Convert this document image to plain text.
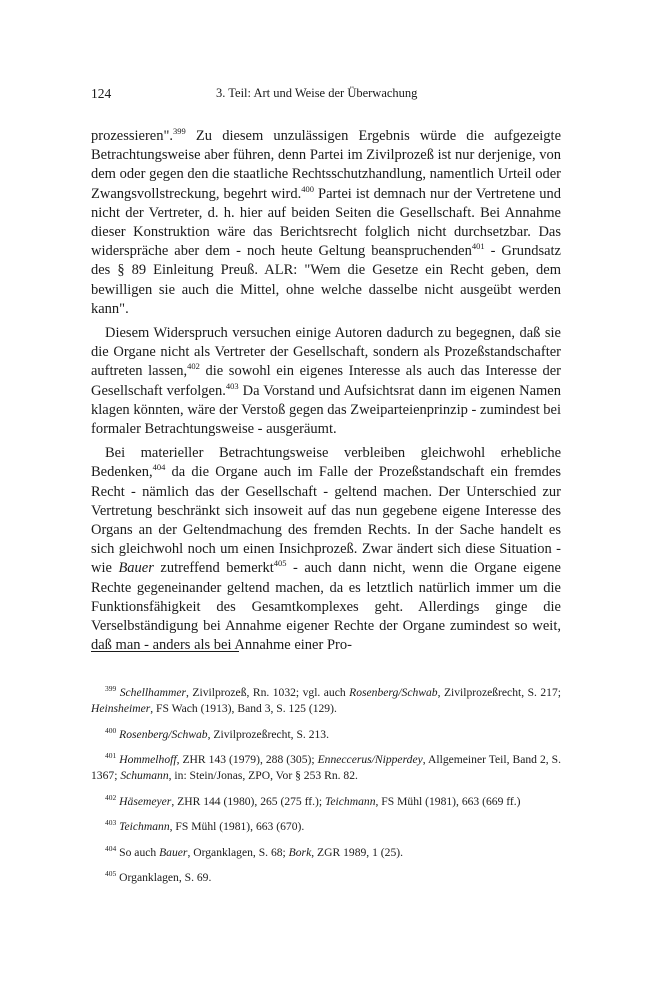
124	3. Teil: Art und Weise der Überwachung

prozessieren".$^{399}$ Zu diesem unzulässigen Ergebnis würde die aufgezeigte Betrachtungsweise aber führen, denn Partei im Zivilprozeß ist nur derjenige, von dem oder gegen den die staatliche Rechtsschutzhandlung, namentlich Urteil oder Zwangsvollstreckung, begehrt wird.$^{400}$ Partei ist demnach nur der Vertretene und nicht der Vertreter, d. h. hier auf beiden Seiten die Gesellschaft. Bei Annahme dieser Konstruktion wäre das Berichtsrecht folglich nicht durchsetzbar. Das widerspräche aber dem - noch heute Geltung beanspruchenden$^{401}$ - Grundsatz des § 89 Einleitung Preuß. ALR: "Wem die Gesetze ein Recht geben, dem bewilligen sie auch die Mittel, ohne welche dasselbe nicht ausgeübt werden kann".

Diesem Widerspruch versuchen einige Autoren dadurch zu begegnen, daß sie die Organe nicht als Vertreter der Gesellschaft, sondern als Prozeßstandschafter auftreten lassen,$^{402}$ die sowohl ein eigenes Interesse als auch das Interesse der Gesellschaft verfolgen.$^{403}$ Da Vorstand und Aufsichtsrat dann im eigenen Namen klagen könnten, wäre der Verstoß gegen das Zweiparteienprinzip - zumindest bei formaler Betrachtungsweise - ausgeräumt.

Bei materieller Betrachtungsweise verbleiben gleichwohl erhebliche Bedenken,$^{404}$ da die Organe auch im Falle der Prozeßstandschaft ein fremdes Recht - nämlich das der Gesellschaft - geltend machen. Der Unterschied zur Vertretung beschränkt sich insoweit auf das nun gegebene eigene Interesse des Organs an der Geltendmachung des fremden Rechts. In der Sache handelt es sich gleichwohl noch um einen Insichprozeß. Zwar ändert sich diese Situation - wie Bauer zutreffend bemerkt$^{405}$ - auch dann nicht, wenn die Organe eigene Rechte gegeneinander geltend machen, da es letztlich natürlich immer um die Funktionsfähigkeit des Gesamtkomplexes geht. Allerdings ginge die Verselbständigung bei Annahme eigener Rechte der Organe zumindest so weit, daß man - anders als bei Annahme einer Pro-

$^{399}$ Schellhammer, Zivilprozeß, Rn. 1032; vgl. auch Rosenberg/Schwab, Zivilprozeßrecht, S. 217; Heinsheimer, FS Wach (1913), Band 3, S. 125 (129).
$^{400}$ Rosenberg/Schwab, Zivilprozeßrecht, S. 213.
$^{401}$ Hommelhoff, ZHR 143 (1979), 288 (305); Enneccerus/Nipperdey, Allgemeiner Teil, Band 2, S. 1367; Schumann, in: Stein/Jonas, ZPO, Vor § 253 Rn. 82.
$^{402}$ Häsemeyer, ZHR 144 (1980), 265 (275 ff.); Teichmann, FS Mühl (1981), 663 (669 ff.)
$^{403}$ Teichmann, FS Mühl (1981), 663 (670).
$^{404}$ So auch Bauer, Organklagen, S. 68; Bork, ZGR 1989, 1 (25).
$^{405}$ Organklagen, S. 69.
